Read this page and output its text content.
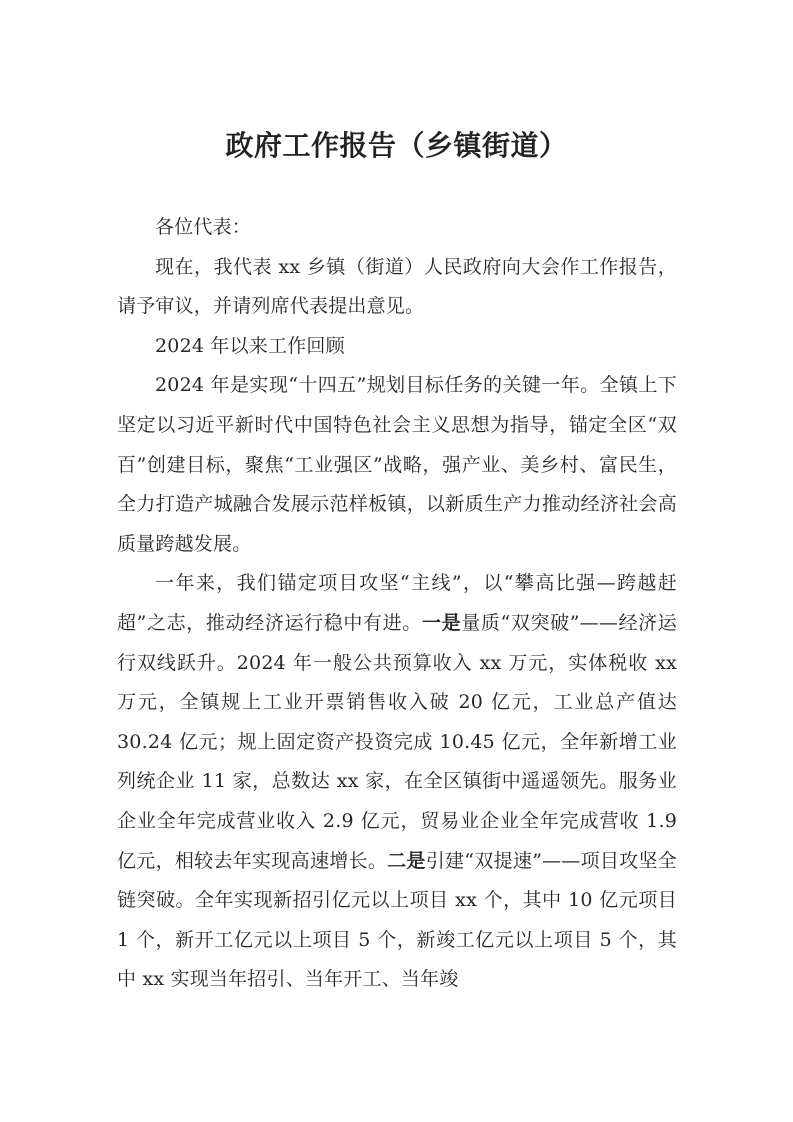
政府工作报告（乡镇街道）

各位代表：

现在，我代表 xx 乡镇（街道）人民政府向大会作工作报告，请予审议，并请列席代表提出意见。

2024 年以来工作回顾

2024 年是实现“十四五”规划目标任务的关键一年。全镇上下坚定以习近平新时代中国特色社会主义思想为指导，锚定全区“双百”创建目标，聚焦“工业强区”战略，强产业、美乡村、富民生，全力打造产城融合发展示范样板镇，以新质生产力推动经济社会高质量跨越发展。

一年来，我们锚定项目攻坚“主线”，以“攀高比强—跨越赶超”之志，推动经济运行稳中有进。一是量质“双突破”——经济运行双线跃升。2024 年一般公共预算收入 xx 万元，实体税收 xx 万元，全镇规上工业开票销售收入破 20 亿元，工业总产值达 30.24 亿元；规上固定资产投资完成 10.45 亿元，全年新增工业列统企业 11 家，总数达 xx 家，在全区镇街中遥遥领先。服务业企业全年完成营业收入 2.9 亿元，贸易业企业全年完成营收 1.9 亿元，相较去年实现高速增长。二是引建“双提速”——项目攻坚全链突破。全年实现新招引亿元以上项目 xx 个，其中 10 亿元项目 1 个，新开工亿元以上项目 5 个，新竣工亿元以上项目 5 个，其中 xx 实现当年招引、当年开工、当年竣
